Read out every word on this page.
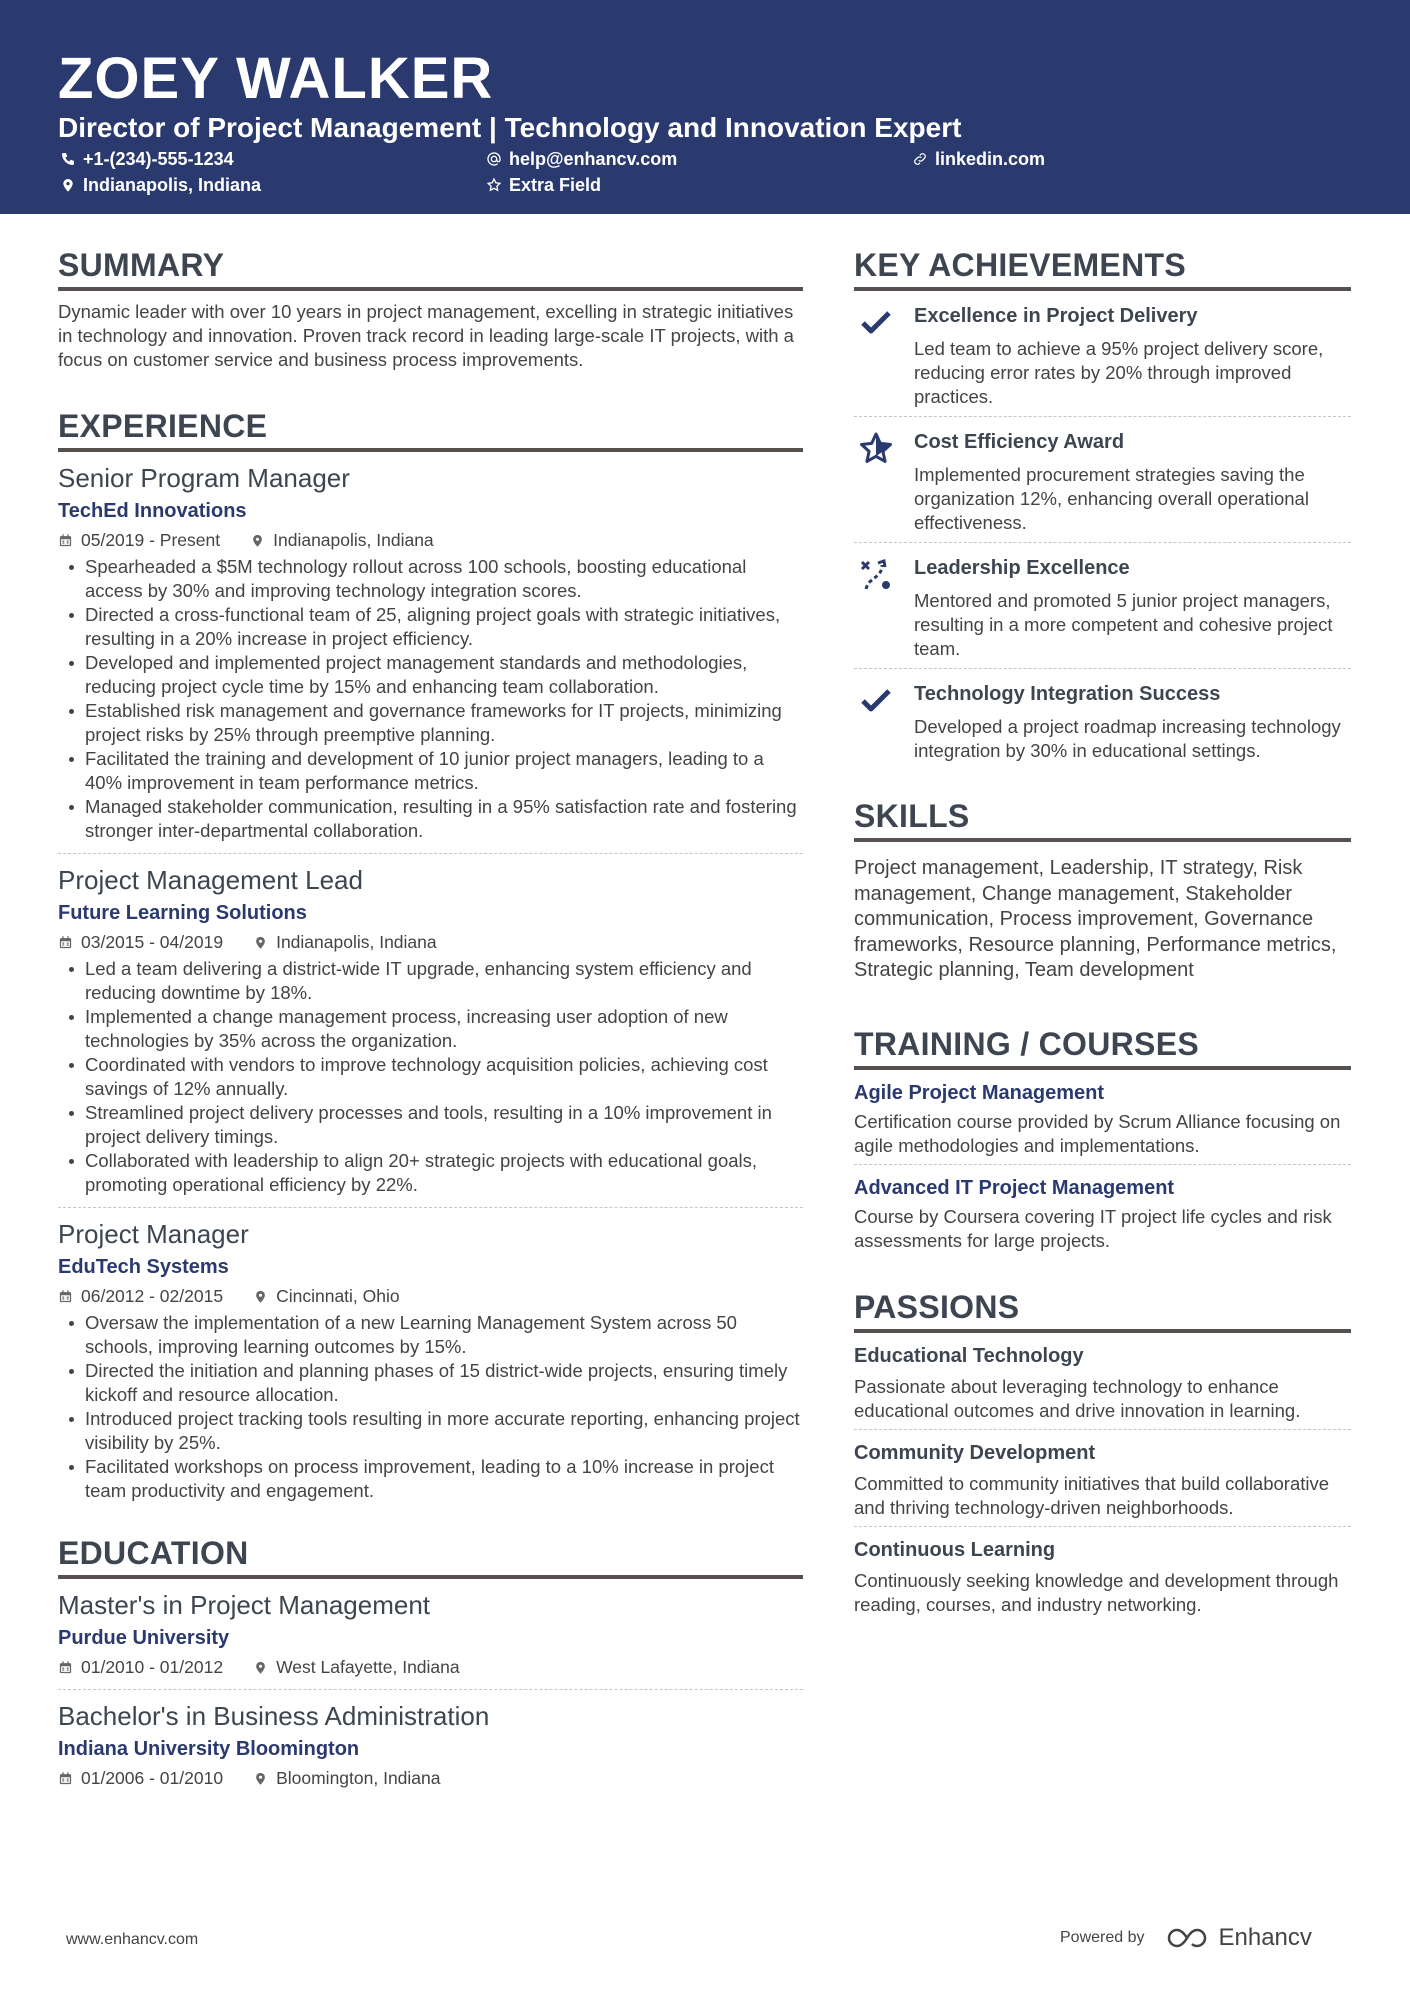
ZOEY WALKER
Director of Project Management | Technology and Innovation Expert
+1-(234)-555-1234	help@enhancv.com	linkedin.com
Indianapolis, Indiana	Extra Field
SUMMARY
Dynamic leader with over 10 years in project management, excelling in strategic initiatives in technology and innovation. Proven track record in leading large-scale IT projects, with a focus on customer service and business process improvements.
EXPERIENCE
Senior Program Manager
TechEd Innovations
05/2019 - Present	Indianapolis, Indiana
Spearheaded a $5M technology rollout across 100 schools, boosting educational access by 30% and improving technology integration scores.
Directed a cross-functional team of 25, aligning project goals with strategic initiatives, resulting in a 20% increase in project efficiency.
Developed and implemented project management standards and methodologies, reducing project cycle time by 15% and enhancing team collaboration.
Established risk management and governance frameworks for IT projects, minimizing project risks by 25% through preemptive planning.
Facilitated the training and development of 10 junior project managers, leading to a 40% improvement in team performance metrics.
Managed stakeholder communication, resulting in a 95% satisfaction rate and fostering stronger inter-departmental collaboration.
Project Management Lead
Future Learning Solutions
03/2015 - 04/2019	Indianapolis, Indiana
Led a team delivering a district-wide IT upgrade, enhancing system efficiency and reducing downtime by 18%.
Implemented a change management process, increasing user adoption of new technologies by 35% across the organization.
Coordinated with vendors to improve technology acquisition policies, achieving cost savings of 12% annually.
Streamlined project delivery processes and tools, resulting in a 10% improvement in project delivery timings.
Collaborated with leadership to align 20+ strategic projects with educational goals, promoting operational efficiency by 22%.
Project Manager
EduTech Systems
06/2012 - 02/2015	Cincinnati, Ohio
Oversaw the implementation of a new Learning Management System across 50 schools, improving learning outcomes by 15%.
Directed the initiation and planning phases of 15 district-wide projects, ensuring timely kickoff and resource allocation.
Introduced project tracking tools resulting in more accurate reporting, enhancing project visibility by 25%.
Facilitated workshops on process improvement, leading to a 10% increase in project team productivity and engagement.
EDUCATION
Master's in Project Management
Purdue University
01/2010 - 01/2012	West Lafayette, Indiana
Bachelor's in Business Administration
Indiana University Bloomington
01/2006 - 01/2010	Bloomington, Indiana
KEY ACHIEVEMENTS
Excellence in Project Delivery
Led team to achieve a 95% project delivery score, reducing error rates by 20% through improved practices.
Cost Efficiency Award
Implemented procurement strategies saving the organization 12%, enhancing overall operational effectiveness.
Leadership Excellence
Mentored and promoted 5 junior project managers, resulting in a more competent and cohesive project team.
Technology Integration Success
Developed a project roadmap increasing technology integration by 30% in educational settings.
SKILLS
Project management, Leadership, IT strategy, Risk management, Change management, Stakeholder communication, Process improvement, Governance frameworks, Resource planning, Performance metrics, Strategic planning, Team development
TRAINING / COURSES
Agile Project Management
Certification course provided by Scrum Alliance focusing on agile methodologies and implementations.
Advanced IT Project Management
Course by Coursera covering IT project life cycles and risk assessments for large projects.
PASSIONS
Educational Technology
Passionate about leveraging technology to enhance educational outcomes and drive innovation in learning.
Community Development
Committed to community initiatives that build collaborative and thriving technology-driven neighborhoods.
Continuous Learning
Continuously seeking knowledge and development through reading, courses, and industry networking.
www.enhancv.com	Powered by	Enhancv
